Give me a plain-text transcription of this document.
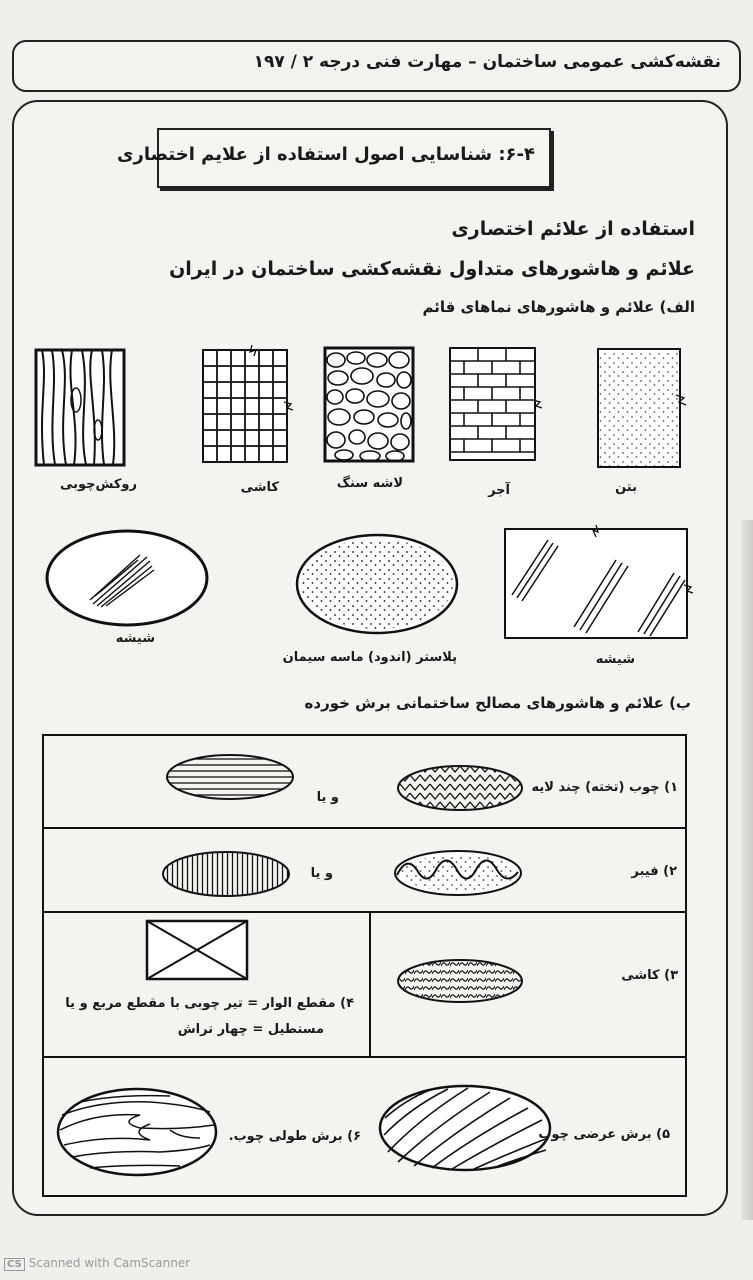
نقشه‌کشی عمومی ساختمان – مهارت فنی درجه ۲ / ۱۹۷
۶-۴: شناسایی اصول استفاده از علایم اختصاری
استفاده از علائم اختصاری
علائم و هاشورهای متداول نقشه‌کشی ساختمان در ایران
الف) علائم و هاشورهای نماهای قائم
روکش‌چوبی	کاشی	لاشه سنگ	آجر	بتن
شیشه
پلاستر (اندود) ماسه سیمان	شیشه
ب) علائم و هاشورهای مصالح ساختمانی برش خورده
۱) چوب (تخته) چند لایه
و یا
۲) فیبر
و یا
۳) کاشی
۴) مقطع الوار = تیر چوبی با مقطع مربع و یا
مستطیل = چهار تراش
۵) برش عرضی چوب
۶) برش طولی چوب.
CS Scanned with CamScanner
